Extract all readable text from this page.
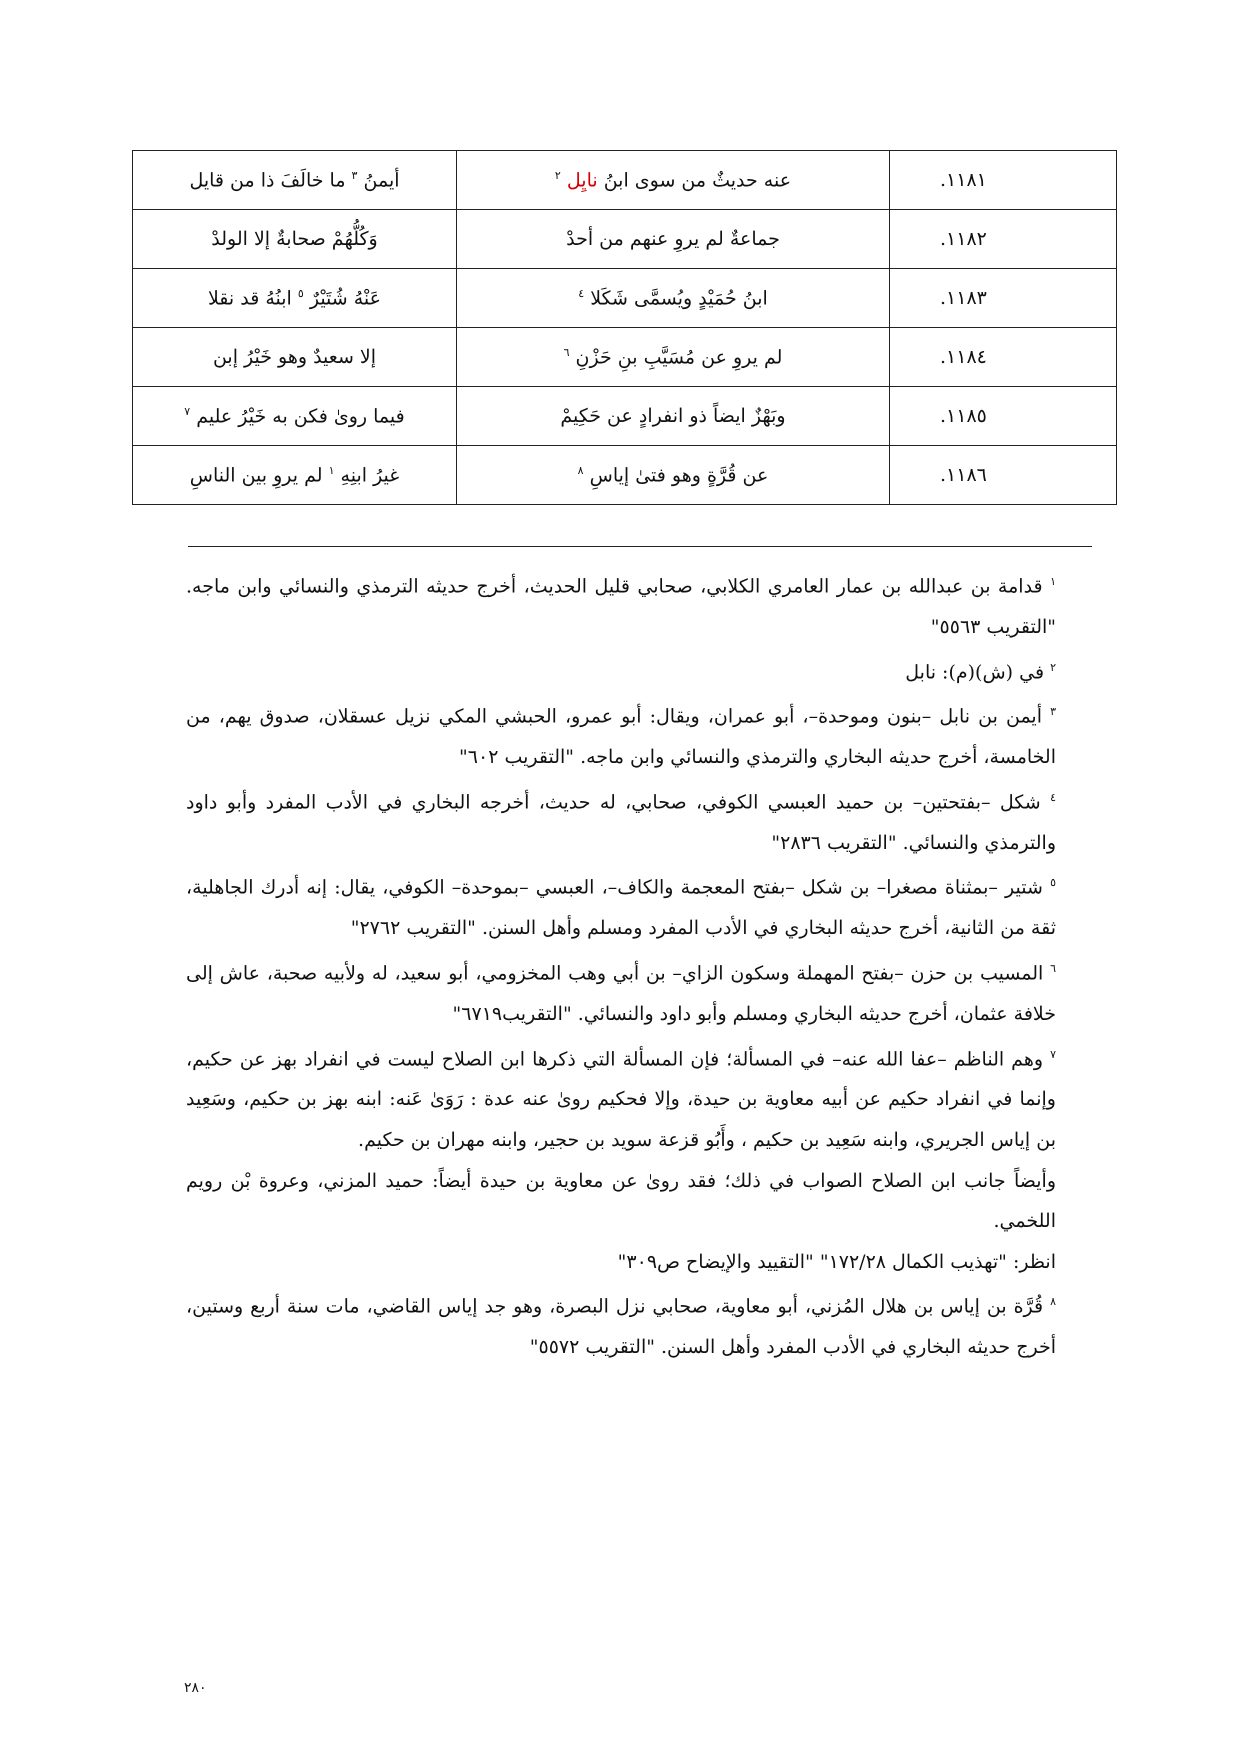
أيمنُ $^٣$ ما خالَفَ ذا من قايل	عنه حديثٌ من سوى ابنُ نايِل $^٢$	١١٨١.
وَكُلُّهُمْ صحابةٌ إلا الولدْ	جماعةٌ لم يروِ عنهم من أحدْ	١١٨٢.
عَنْهُ شُتَيْرٌ $^٥$ ابنُهُ قد نقلا	ابنُ حُمَيْدٍ ويُسمَّى شَكَلا $^٤$	١١٨٣.
إلا سعيدٌ وهو خَيْرُ إبن	لم يروِ عن مُسَيَّبِ بنِ حَزْنِ $^٦$	١١٨٤.
فيما روىٰ فكن به خَيْرُ عليم $^٧$	وبَهْزٌ ايضاً ذو انفرادٍ عن حَكِيمْ	١١٨٥.
غيرُ ابنِهِ $^١$ لم يروِ بين الناسِ	عن قُرَّةٍ وهو فتىٰ إياسِ $^٨$	١١٨٦.

$^١$ قدامة بن عبدالله بن عمار العامري الكلابي، صحابي قليل الحديث، أخرج حديثه الترمذي والنسائي وابن ماجه. "التقريب ٥٥٦٣"

$^٢$ في (ش)(م): نابل

$^٣$ أيمن بن نابل –بنون وموحدة–، أبو عمران، ويقال: أبو عمرو، الحبشي المكي نزيل عسقلان، صدوق يهم، من الخامسة، أخرج حديثه البخاري والترمذي والنسائي وابن ماجه. "التقريب ٦٠٢"

$^٤$ شكل –بفتحتين– بن حميد العبسي الكوفي، صحابي، له حديث، أخرجه البخاري في الأدب المفرد وأبو داود والترمذي والنسائي. "التقريب ٢٨٣٦"

$^٥$ شتير –بمثناة مصغرا– بن شكل –بفتح المعجمة والكاف–، العبسي –بموحدة– الكوفي، يقال: إنه أدرك الجاهلية، ثقة من الثانية، أخرج حديثه البخاري في الأدب المفرد ومسلم وأهل السنن. "التقريب ٢٧٦٢"

$^٦$ المسيب بن حزن –بفتح المهملة وسكون الزاي– بن أبي وهب المخزومي، أبو سعيد، له ولأبيه صحبة، عاش إلى خلافة عثمان، أخرج حديثه البخاري ومسلم وأبو داود والنسائي. "التقريب٦٧١٩"

$^٧$ وهم الناظم –عفا الله عنه– في المسألة؛ فإن المسألة التي ذكرها ابن الصلاح ليست في انفراد بهز عن حكيم، وإنما في انفراد حكيم عن أبيه معاوية بن حيدة، وإلا فحكيم روىٰ عنه عدة : رَوَىٰ عَنه: ابنه بهز بن حكيم، وسَعِيد بن إياس الجريري، وابنه سَعِيد بن حكيم ، وأَبُو قزعة سويد بن حجير، وابنه مهران بن حكيم.

وأيضاً جانب ابن الصلاح الصواب في ذلك؛ فقد روىٰ عن معاوية بن حيدة أيضاً: حميد المزني، وعروة بْن رويم اللخمي.

انظر: "تهذيب الكمال ١٧٢/٢٨" "التقييد والإيضاح ص٣٠٩"

$^٨$ قُرَّة بن إياس بن هلال المُزني، أبو معاوية، صحابي نزل البصرة، وهو جد إياس القاضي، مات سنة أربع وستين، أخرج حديثه البخاري في الأدب المفرد وأهل السنن. "التقريب ٥٥٧٢"

٢٨٠
